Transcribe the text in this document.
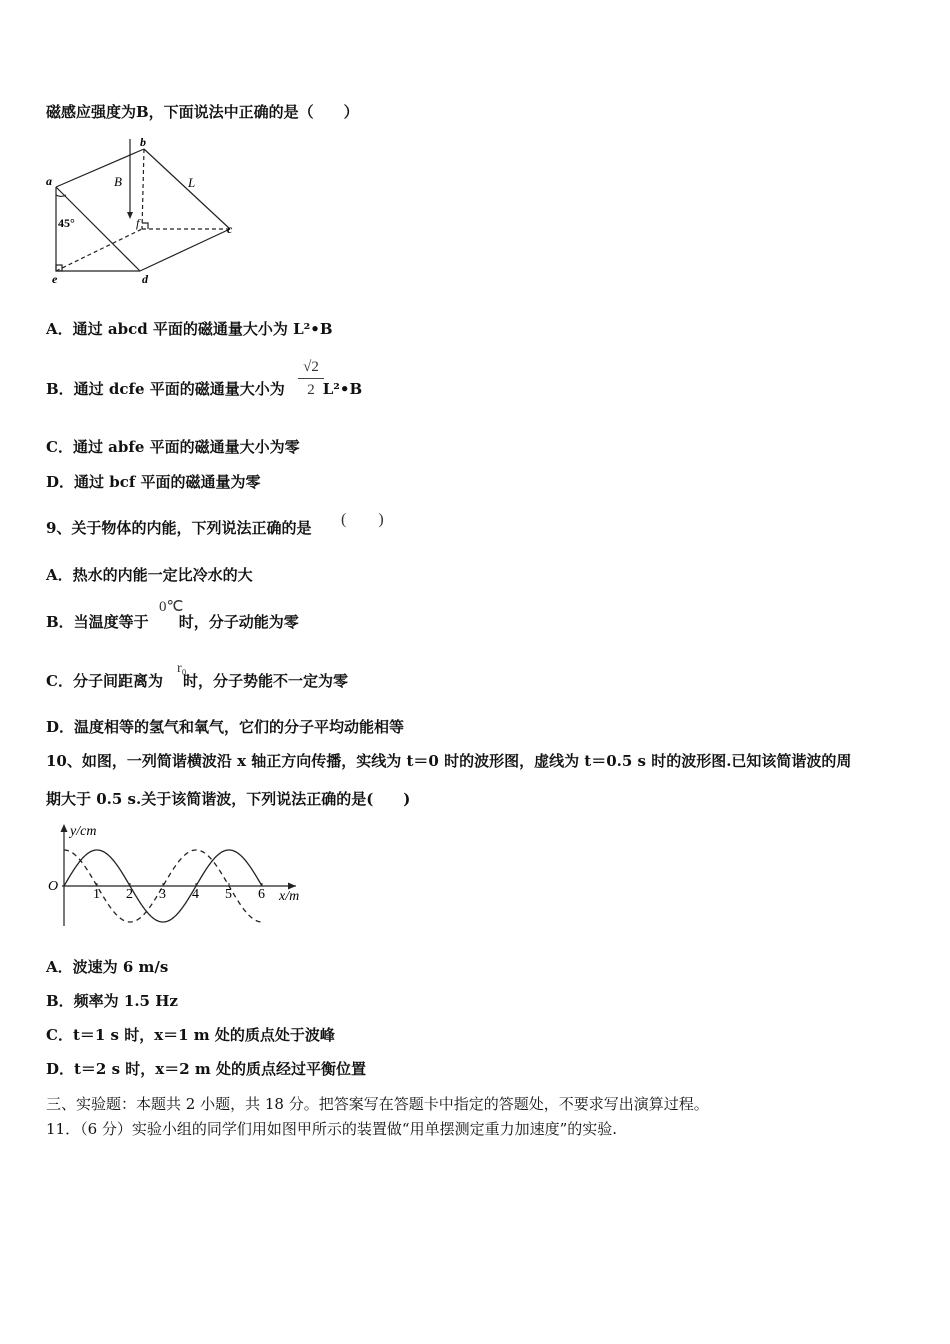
磁感应强度为B，下面说法中正确的是（　　）
a
b
c
d
e
f
B	L
45°
A．通过 abcd 平面的磁通量大小为 L²•B
B．通过 dcfe 平面的磁通量大小为	L²•B
√2
2
C．通过 abfe 平面的磁通量大小为零
D．通过 bcf 平面的磁通量为零
9、关于物体的内能，下列说法正确的是 (　　)
A．热水的内能一定比冷水的大
B．当温度等于 时，分子动能为零
0℃
C．分子间距离为 时，分子势能不一定为零
r₀
D．温度相等的氢气和氧气，它们的分子平均动能相等
10、如图，一列简谐横波沿 x 轴正方向传播，实线为 t＝0 时的波形图，虚线为 t＝0.5 s 时的波形图.已知该简谐波的周
期大于 0.5 s.关于该简谐波，下列说法正确的是(　　)
y/cm
x/m
O
1 2 3 4 5 6
A．波速为 6 m/s
B．频率为 1.5 Hz
C．t＝1 s 时，x＝1 m 处的质点处于波峰
D．t＝2 s 时，x＝2 m 处的质点经过平衡位置
三、实验题：本题共 2 小题，共 18 分。把答案写在答题卡中指定的答题处，不要求写出演算过程。
11．（6 分）实验小组的同学们用如图甲所示的装置做“用单摆测定重力加速度”的实验.
